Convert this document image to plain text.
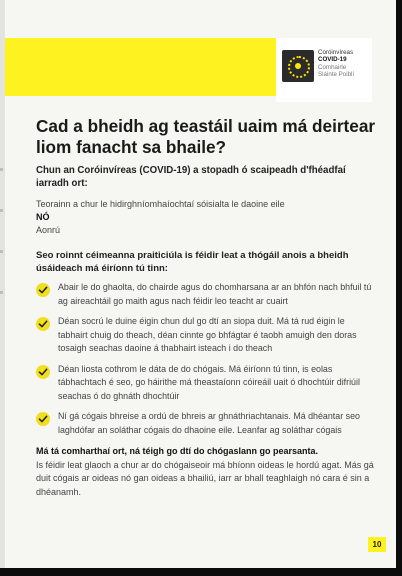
Coróinvíreas
COVID-19
Comhairle
Sláinte Poiblí
Cad a bheidh ag teastáil uaim má deirtear liom fanacht sa bhaile?

Chun an Coróinvíreas (COVID-19) a stopadh ó scaipeadh d'fhéadfaí iarradh ort:

Teorainn a chur le hidirghníomhaíochtaí sóisialta le daoine eile
NÓ
Aonrú
Seo roinnt céimeanna praiticiúla is féidir leat a thógáil anois a bheidh úsáideach má éiríonn tú tinn:
Abair le do ghaolta, do chairde agus do chomharsana ar an bhfón nach bhfuil tú ag aireachtáil go maith agus nach féidir leo teacht ar cuairt
Déan socrú le duine éigin chun dul go dtí an siopa duit. Má tá rud éigin le tabhairt chuig do theach, déan cinnte go bhfágtar é taobh amuigh den doras tosaigh seachas daoine á thabhairt isteach i do theach
Déan liosta cothrom le dáta de do chógais. Má éiríonn tú tinn, is eolas tábhachtach é seo, go háirithe má theastaíonn cóireáil uait ó dhochtúir difriúil seachas ó do ghnáth dhochtúir
Ní gá cógais bhreise a ordú de bhreis ar ghnáthriachtanais. Má dhéantar seo laghdófar an soláthar cógais do dhaoine eile. Leanfar ag soláthar cógais
Má tá comharthaí ort, ná téigh go dtí do chógaslann go pearsanta.
Is féidir leat glaoch a chur ar do chógaiseoir má bhíonn oideas le hordú agat. Más gá duit cógais ar oideas nó gan oideas a bhailiú, iarr ar bhall teaghlaigh nó cara é sin a dhéanamh.
10
